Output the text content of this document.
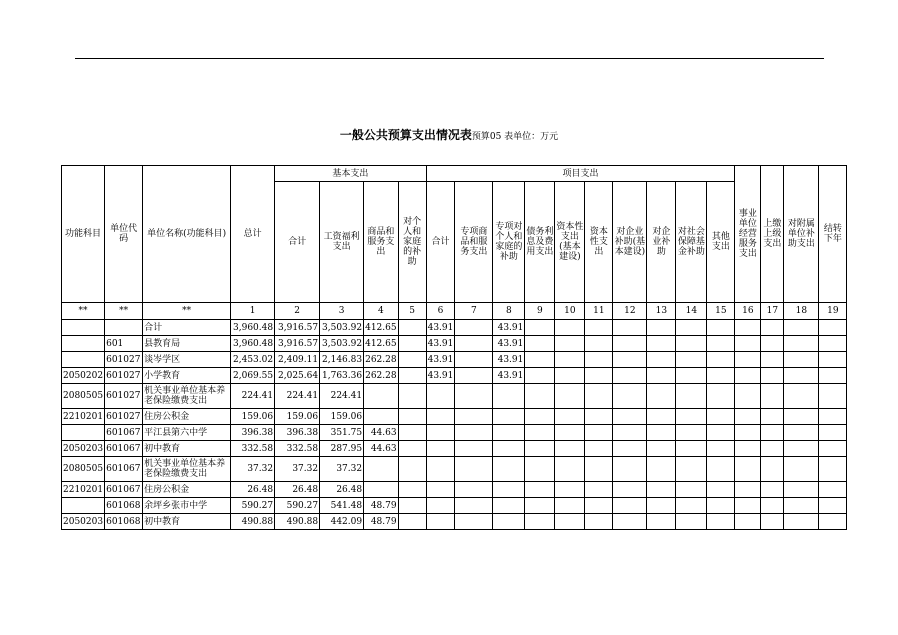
一般公共预算支出情况表预算05 表单位：万元
功能科目	单位代码	单位名称(功能科目)	总计	基本支出				项目支出										事业单位经营服务支出	上缴上级支出	对附属单位补助支出	结转下年
				合计	工资福利支出	商品和服务支出	对个人和家庭的补助	合计	专项商品和服务支出	专项对个人和家庭的补助	债务利息及费用支出	资本性支出(基本建设)	资本性支出	对企业补助(基本建设)	对企业补助	对社会保障基金补助	其他支出				
**	**	**	1	2	3	4	5	6	7	8	9	10	11	12	13	14	15	16	17	18	19
		合计	3,960.48	3,916.57	3,503.92	412.65		43.91		43.91											
	601	县教育局	3,960.48	3,916.57	3,503.92	412.65		43.91		43.91											
	601027	谈岑学区	2,453.02	2,409.11	2,146.83	262.28		43.91		43.91											
2050202	601027	小学教育	2,069.55	2,025.64	1,763.36	262.28		43.91		43.91											
2080505	601027	机关事业单位基本养老保险缴费支出	224.41	224.41	224.41																
2210201	601027	住房公积金	159.06	159.06	159.06																
	601067	平江县第六中学	396.38	396.38	351.75	44.63															
2050203	601067	初中教育	332.58	332.58	287.95	44.63															
2080505	601067	机关事业单位基本养老保险缴费支出	37.32	37.32	37.32																
2210201	601067	住房公积金	26.48	26.48	26.48																
	601068	余坪乡张市中学	590.27	590.27	541.48	48.79															
2050203	601068	初中教育	490.88	490.88	442.09	48.79															
